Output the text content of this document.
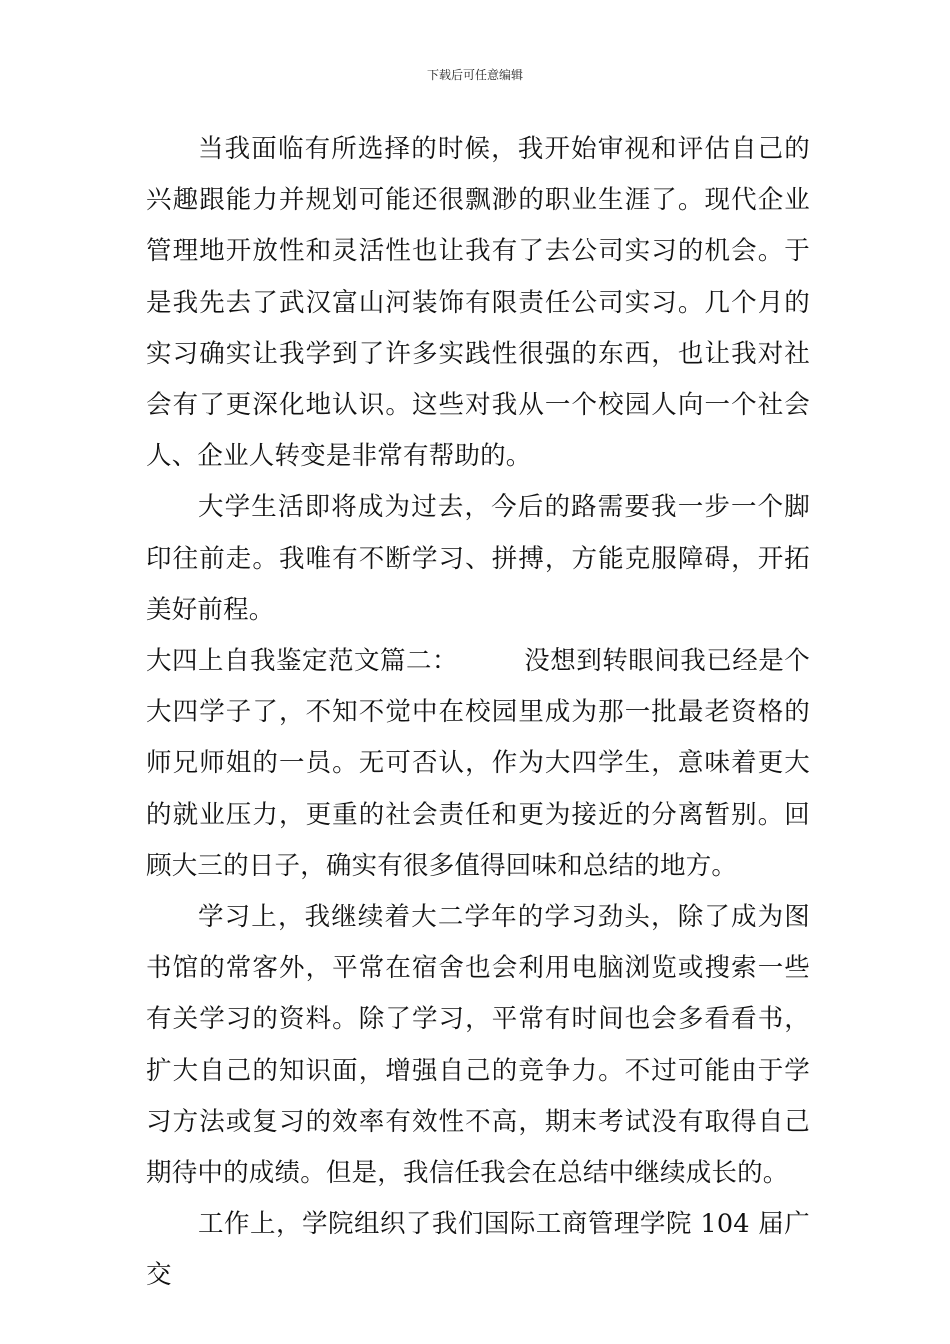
下载后可任意编辑

当我面临有所选择的时候，我开始审视和评估自己的兴趣跟能力并规划可能还很飘渺的职业生涯了。现代企业管理地开放性和灵活性也让我有了去公司实习的机会。于是我先去了武汉富山河装饰有限责任公司实习。几个月的实习确实让我学到了许多实践性很强的东西，也让我对社会有了更深化地认识。这些对我从一个校园人向一个社会人、企业人转变是非常有帮助的。

大学生活即将成为过去，今后的路需要我一步一个脚印往前走。我唯有不断学习、拼搏，方能克服障碍，开拓美好前程。

大四上自我鉴定范文篇二：	没想到转眼间我已经是个大四学子了，不知不觉中在校园里成为那一批最老资格的师兄师姐的一员。无可否认，作为大四学生，意味着更大的就业压力，更重的社会责任和更为接近的分离暂别。回顾大三的日子，确实有很多值得回味和总结的地方。

学习上，我继续着大二学年的学习劲头，除了成为图书馆的常客外，平常在宿舍也会利用电脑浏览或搜索一些有关学习的资料。除了学习，平常有时间也会多看看书，扩大自己的知识面，增强自己的竞争力。不过可能由于学习方法或复习的效率有效性不高，期末考试没有取得自己期待中的成绩。但是，我信任我会在总结中继续成长的。

工作上，学院组织了我们国际工商管理学院 104 届广交
